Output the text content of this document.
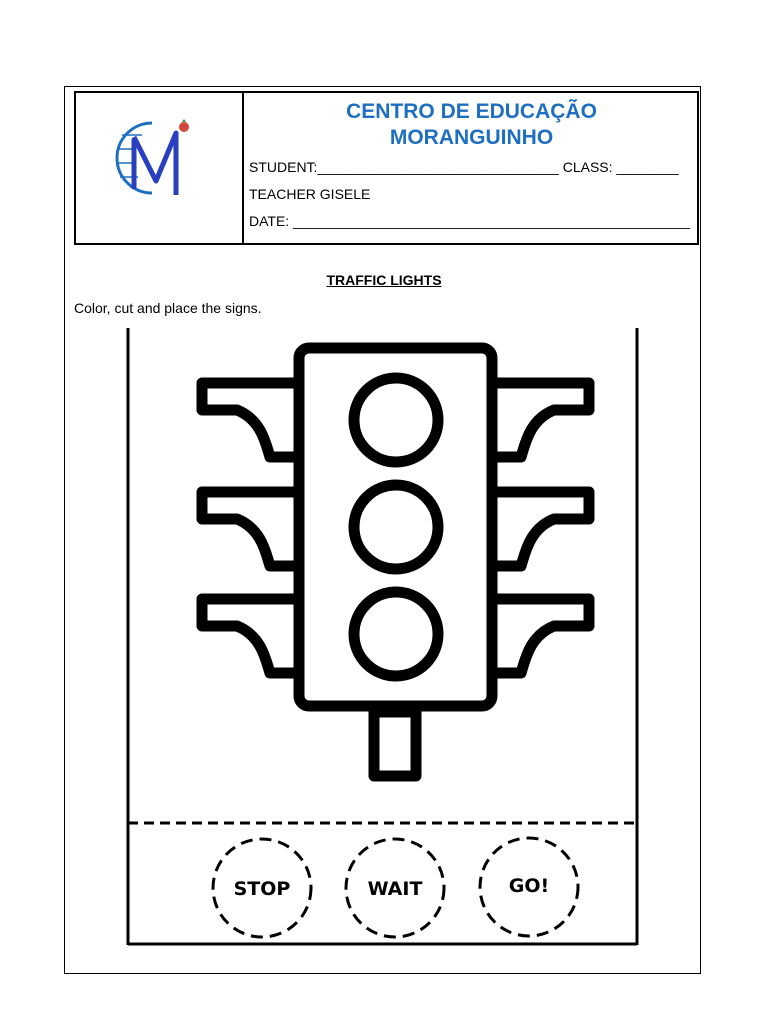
CENTRO DE EDUCAÇÃO
MORANGUINHO
STUDENT:_______________________________ CLASS: ________
TEACHER GISELE
DATE: ___________________________________________________
TRAFFIC LIGHTS
Color, cut and place the signs.
STOP	WAIT	GO!
